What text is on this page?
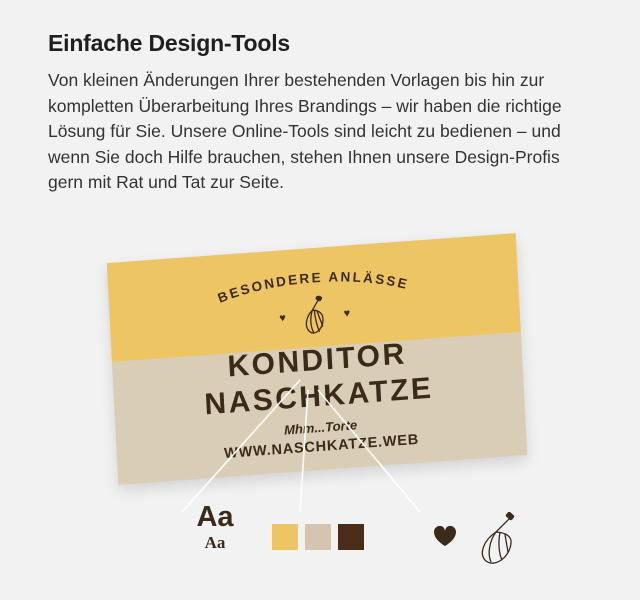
Einfache Design-Tools
Von kleinen Änderungen Ihrer bestehenden Vorlagen bis hin zur kompletten Überarbeitung Ihres Brandings – wir haben die richtige Lösung für Sie. Unsere Online-Tools sind leicht zu bedienen – und wenn Sie doch Hilfe brauchen, stehen Ihnen unsere Design-Profis gern mit Rat und Tat zur Seite.
BESONDERE ANLÄSSE
♥	♥
KONDITOR
NASCHKATZE
Mhm...Torte
WWW.NASCHKATZE.WEB
Aa
Aa
